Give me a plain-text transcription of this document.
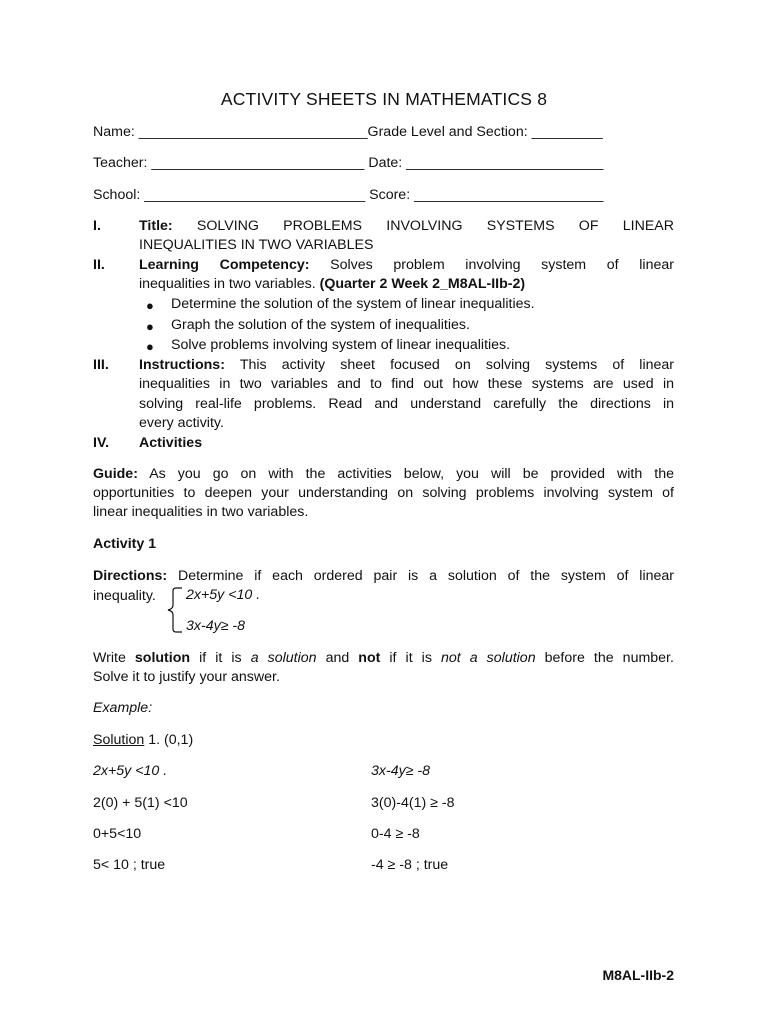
ACTIVITY SHEETS IN MATHEMATICS 8
Name: _____________________________Grade Level and Section: _________
Teacher: ___________________________ Date: _________________________
School: ____________________________ Score: ________________________
I.	Title: SOLVING PROBLEMS INVOLVING SYSTEMS OF LINEAR
INEQUALITIES IN TWO VARIABLES
II.	Learning Competency: Solves problem involving system of linear
inequalities in two variables. (Quarter 2 Week 2_M8AL-IIb-2)
●	Determine the solution of the system of linear inequalities.
●	Graph the solution of the system of inequalities.
●	Solve problems involving system of linear inequalities.
III.	Instructions: This activity sheet focused on solving systems of linear
inequalities in two variables and to find out how these systems are used in
solving real-life problems. Read and understand carefully the directions in
every activity.
IV.	Activities
Guide: As you go on with the activities below, you will be provided with the
opportunities to deepen your understanding on solving problems involving system of
linear inequalities in two variables.
Activity 1
Directions: Determine if each ordered pair is a solution of the system of linear
inequality. 2x+5y <10 .
3x-4y≥ -8
Write solution if it is a solution and not if it is not a solution before the number.
Solve it to justify your answer.
Example:
Solution 1. (0,1)
2x+5y <10 .	3x-4y≥ -8
2(0) + 5(1) <10	3(0)-4(1) ≥ -8
0+5<10	0-4 ≥ -8
5< 10 ; true	-4 ≥ -8 ; true
M8AL-IIb-2
